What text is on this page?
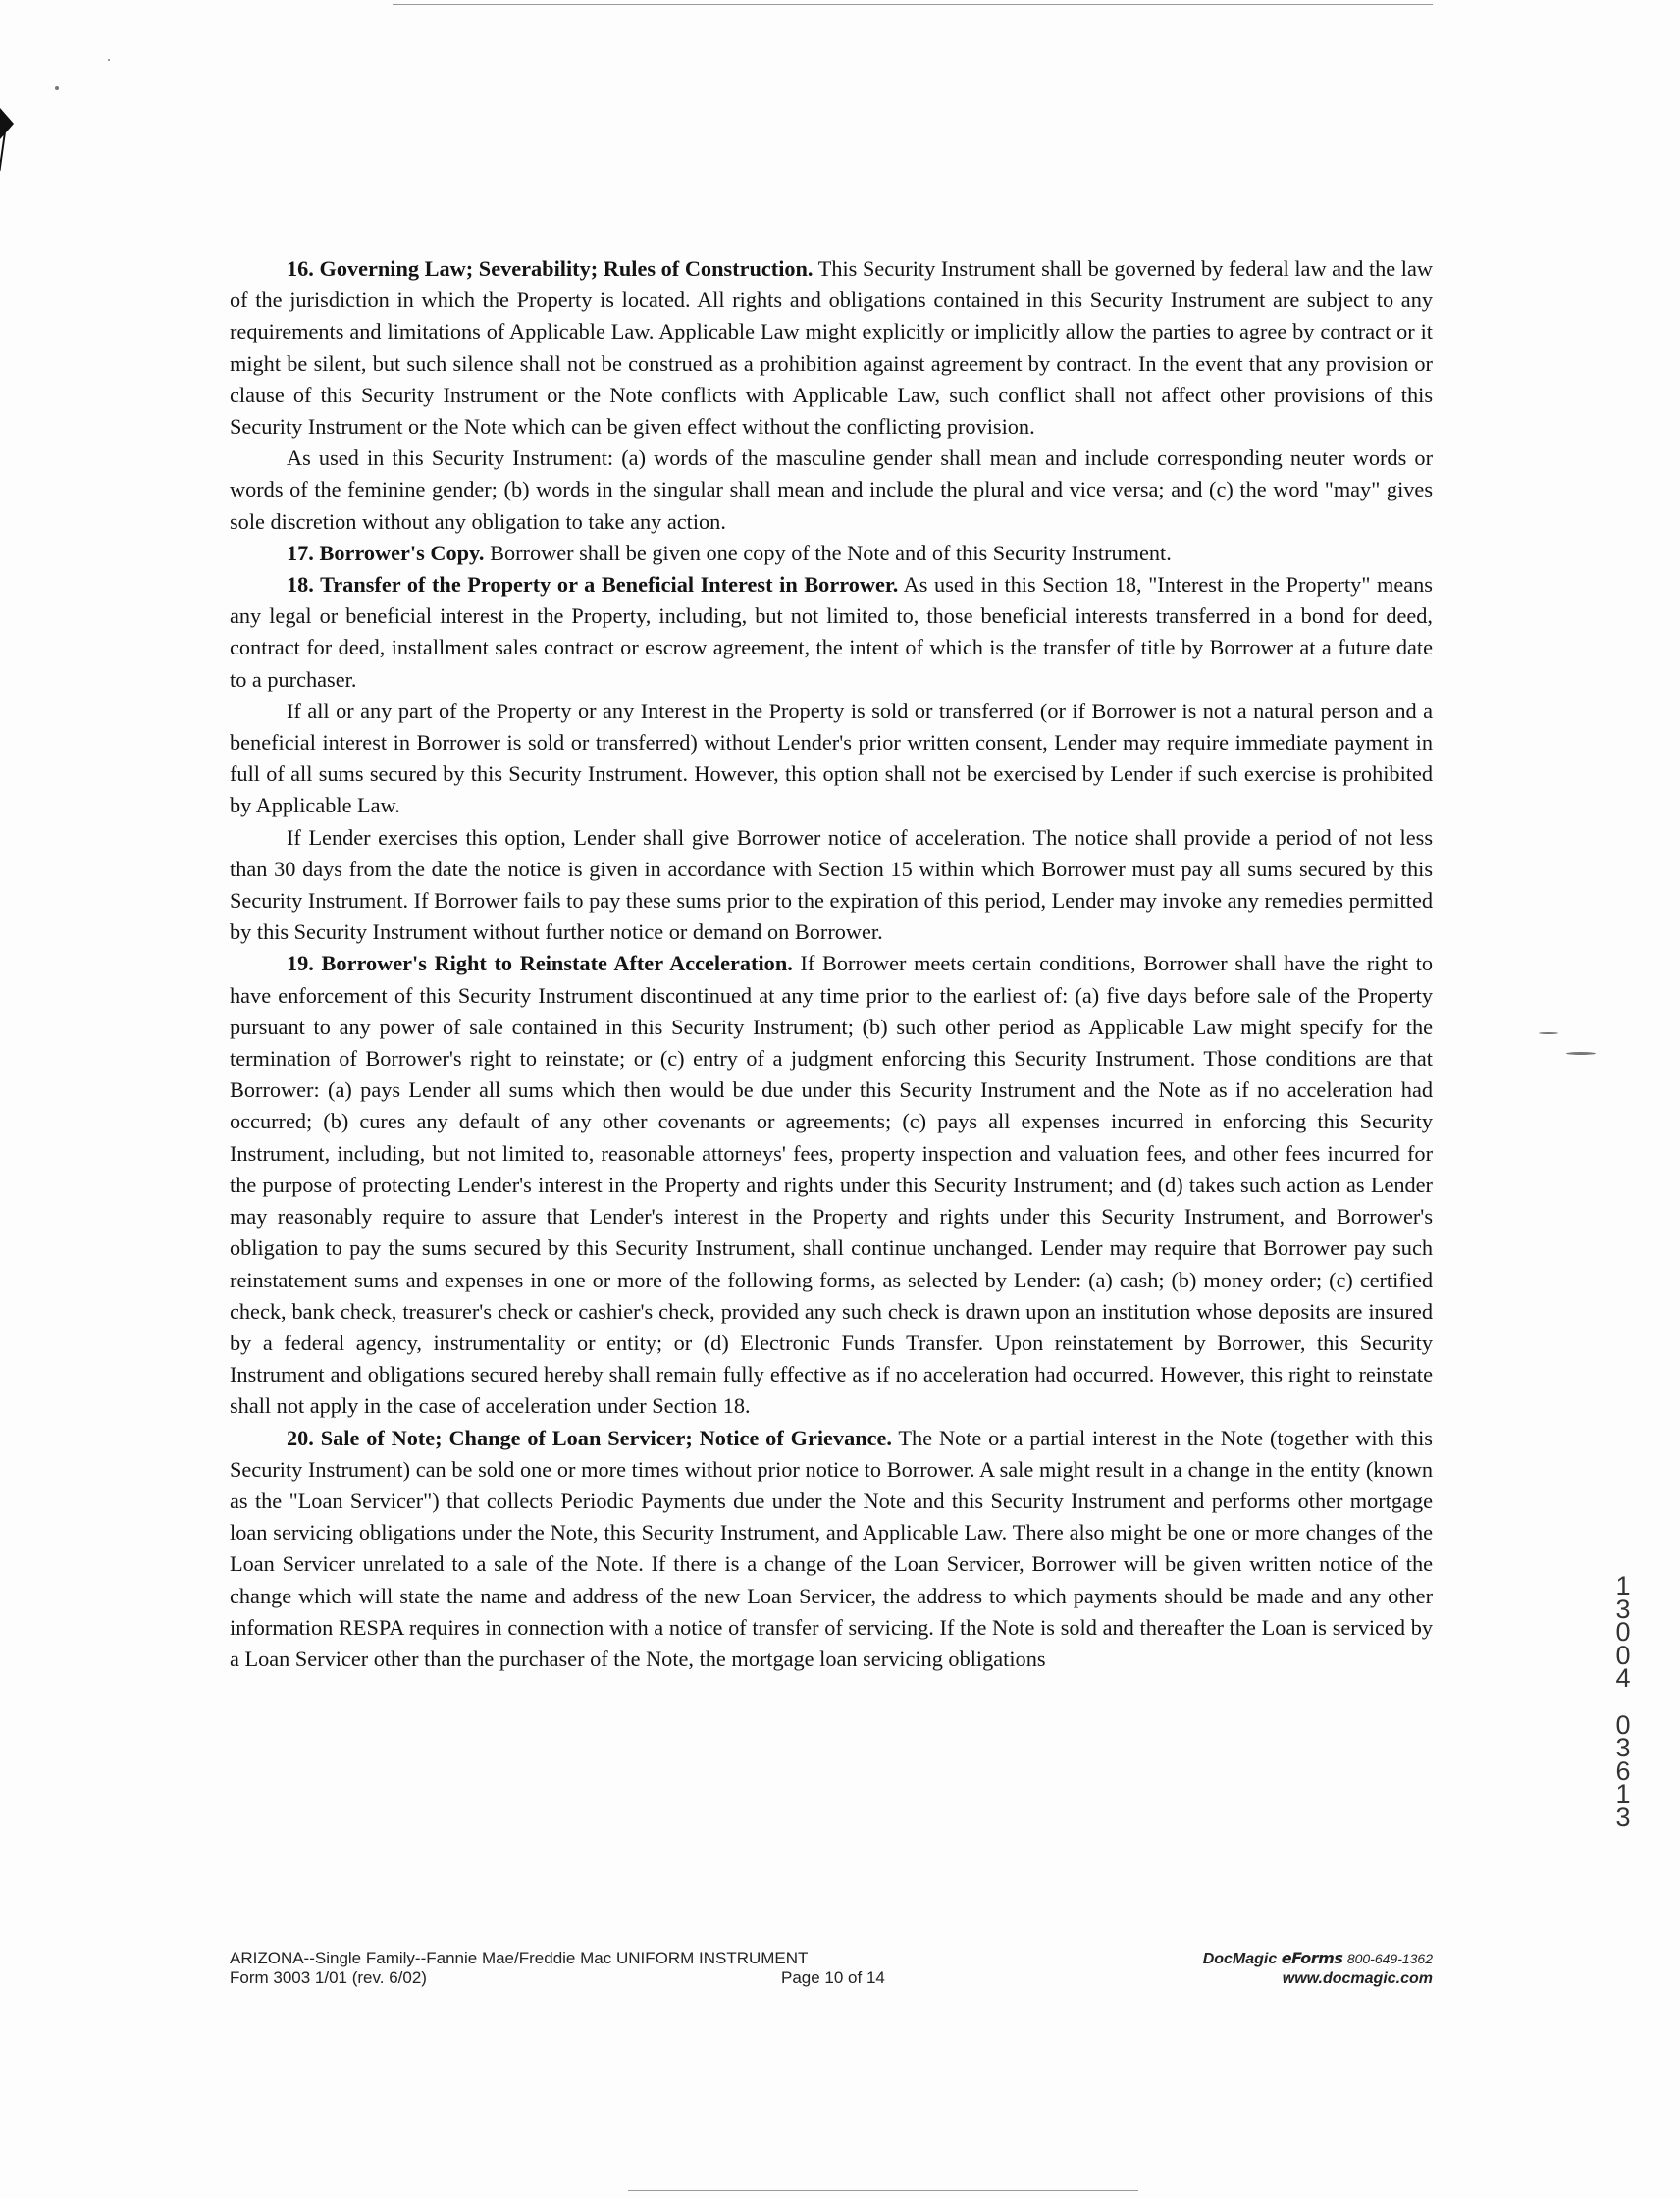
16. Governing Law; Severability; Rules of Construction. This Security Instrument shall be governed by federal law and the law of the jurisdiction in which the Property is located. All rights and obligations contained in this Security Instrument are subject to any requirements and limitations of Applicable Law. Applicable Law might explicitly or implicitly allow the parties to agree by contract or it might be silent, but such silence shall not be construed as a prohibition against agreement by contract. In the event that any provision or clause of this Security Instrument or the Note conflicts with Applicable Law, such conflict shall not affect other provisions of this Security Instrument or the Note which can be given effect without the conflicting provision.

As used in this Security Instrument: (a) words of the masculine gender shall mean and include corresponding neuter words or words of the feminine gender; (b) words in the singular shall mean and include the plural and vice versa; and (c) the word "may" gives sole discretion without any obligation to take any action.

17. Borrower's Copy. Borrower shall be given one copy of the Note and of this Security Instrument.

18. Transfer of the Property or a Beneficial Interest in Borrower. As used in this Section 18, "Interest in the Property" means any legal or beneficial interest in the Property, including, but not limited to, those beneficial interests transferred in a bond for deed, contract for deed, installment sales contract or escrow agreement, the intent of which is the transfer of title by Borrower at a future date to a purchaser.

If all or any part of the Property or any Interest in the Property is sold or transferred (or if Borrower is not a natural person and a beneficial interest in Borrower is sold or transferred) without Lender's prior written consent, Lender may require immediate payment in full of all sums secured by this Security Instrument. However, this option shall not be exercised by Lender if such exercise is prohibited by Applicable Law.

If Lender exercises this option, Lender shall give Borrower notice of acceleration. The notice shall provide a period of not less than 30 days from the date the notice is given in accordance with Section 15 within which Borrower must pay all sums secured by this Security Instrument. If Borrower fails to pay these sums prior to the expiration of this period, Lender may invoke any remedies permitted by this Security Instrument without further notice or demand on Borrower.

19. Borrower's Right to Reinstate After Acceleration. If Borrower meets certain conditions, Borrower shall have the right to have enforcement of this Security Instrument discontinued at any time prior to the earliest of: (a) five days before sale of the Property pursuant to any power of sale contained in this Security Instrument; (b) such other period as Applicable Law might specify for the termination of Borrower's right to reinstate; or (c) entry of a judgment enforcing this Security Instrument. Those conditions are that Borrower: (a) pays Lender all sums which then would be due under this Security Instrument and the Note as if no acceleration had occurred; (b) cures any default of any other covenants or agreements; (c) pays all expenses incurred in enforcing this Security Instrument, including, but not limited to, reasonable attorneys' fees, property inspection and valuation fees, and other fees incurred for the purpose of protecting Lender's interest in the Property and rights under this Security Instrument; and (d) takes such action as Lender may reasonably require to assure that Lender's interest in the Property and rights under this Security Instrument, and Borrower's obligation to pay the sums secured by this Security Instrument, shall continue unchanged. Lender may require that Borrower pay such reinstatement sums and expenses in one or more of the following forms, as selected by Lender: (a) cash; (b) money order; (c) certified check, bank check, treasurer's check or cashier's check, provided any such check is drawn upon an institution whose deposits are insured by a federal agency, instrumentality or entity; or (d) Electronic Funds Transfer. Upon reinstatement by Borrower, this Security Instrument and obligations secured hereby shall remain fully effective as if no acceleration had occurred. However, this right to reinstate shall not apply in the case of acceleration under Section 18.

20. Sale of Note; Change of Loan Servicer; Notice of Grievance. The Note or a partial interest in the Note (together with this Security Instrument) can be sold one or more times without prior notice to Borrower. A sale might result in a change in the entity (known as the "Loan Servicer") that collects Periodic Payments due under the Note and this Security Instrument and performs other mortgage loan servicing obligations under the Note, this Security Instrument, and Applicable Law. There also might be one or more changes of the Loan Servicer unrelated to a sale of the Note. If there is a change of the Loan Servicer, Borrower will be given written notice of the change which will state the name and address of the new Loan Servicer, the address to which payments should be made and any other information RESPA requires in connection with a notice of transfer of servicing. If the Note is sold and thereafter the Loan is serviced by a Loan Servicer other than the purchaser of the Note, the mortgage loan servicing obligations

1
3
0
0
4
0
3
6
1
3
ARIZONA--Single Family--Fannie Mae/Freddie Mac UNIFORM INSTRUMENT
Form 3003 1/01 (rev. 6/02)	Page 10 of 14
DocMagic eForms 800-649-1362
www.docmagic.com
